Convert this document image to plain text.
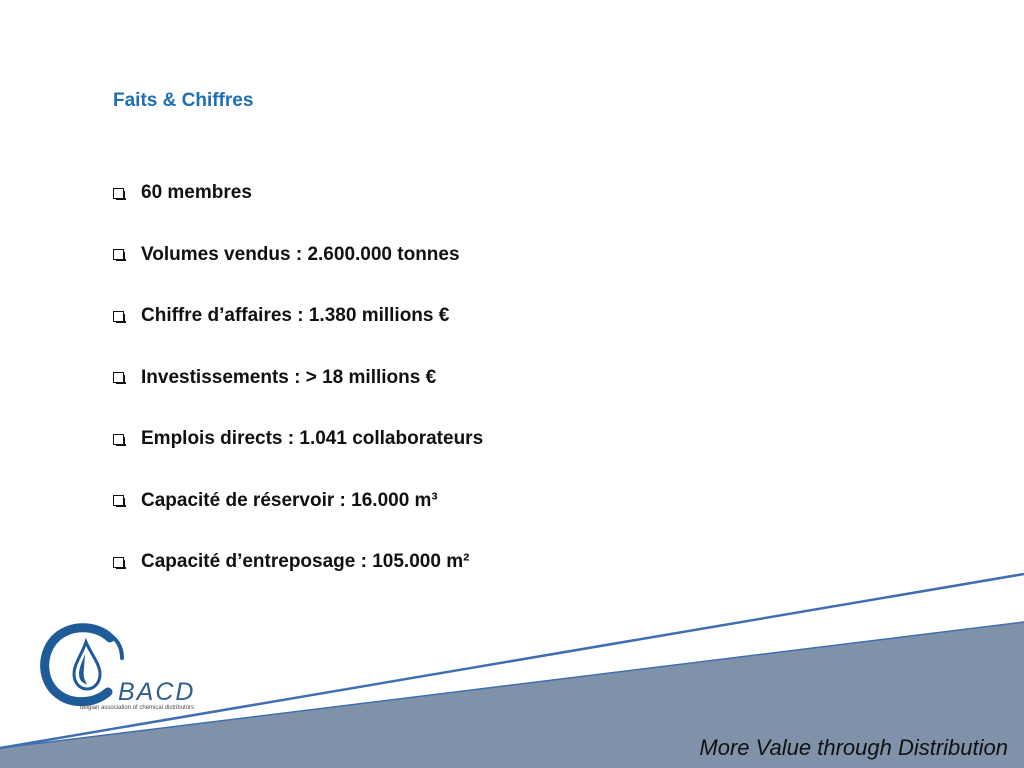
Faits & Chiffres
60 membres
Volumes vendus : 2.600.000 tonnes
Chiffre d’affaires : 1.380 millions €
Investissements : > 18 millions €
Emplois directs : 1.041 collaborateurs
Capacité de réservoir : 16.000 m³
Capacité d’entreposage : 105.000 m²
BACD
belgian association of chemical distributors
More Value through Distribution
